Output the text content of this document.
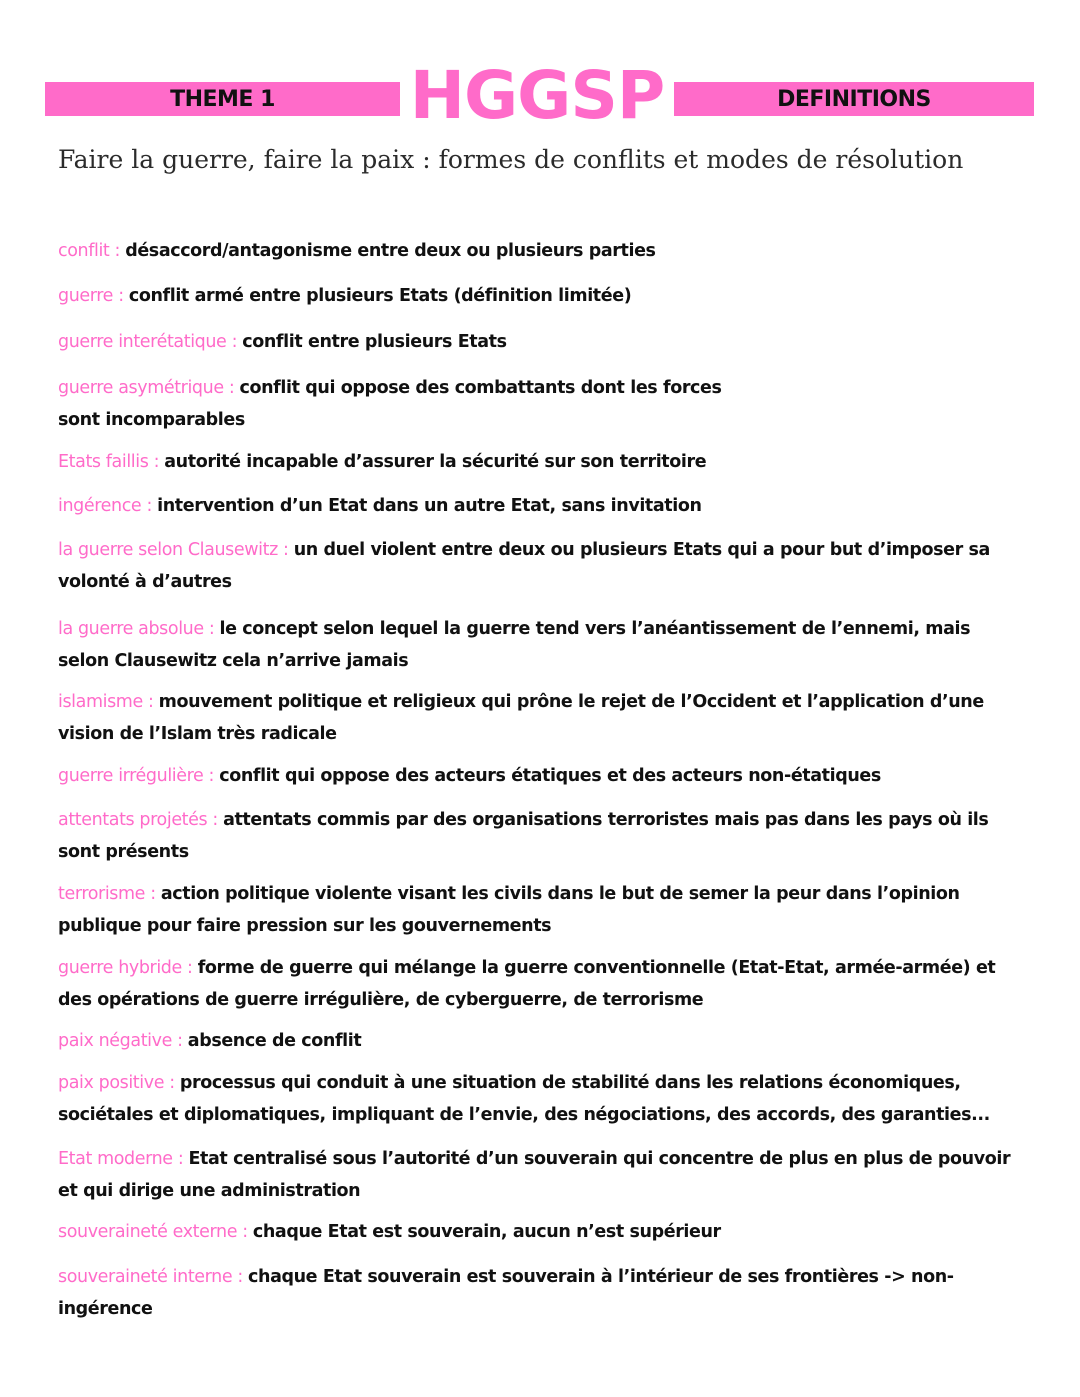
THEME 1 HGGSP	DEFINITIONS
Faire la guerre, faire la paix : formes de conflits et modes de résolution
conflit : désaccord/antagonisme entre deux ou plusieurs parties
guerre : conflit armé entre plusieurs Etats (définition limitée)
guerre interétatique : conflit entre plusieurs Etats
guerre asymétrique : conflit qui oppose des combattants dont les forces sont incomparables
Etats faillis : autorité incapable d’assurer la sécurité sur son territoire
ingérence : intervention d’un Etat dans un autre Etat, sans invitation
la guerre selon Clausewitz : un duel violent entre deux ou plusieurs Etats qui a pour but d’imposer sa volonté à d’autres
la guerre absolue : le concept selon lequel la guerre tend vers l’anéantissement de l’ennemi, mais selon Clausewitz cela n’arrive jamais
islamisme : mouvement politique et religieux qui prône le rejet de l’Occident et l’application d’une vision de l’Islam très radicale
guerre irrégulière : conflit qui oppose des acteurs étatiques et des acteurs non-étatiques
attentats projetés : attentats commis par des organisations terroristes mais pas dans les pays où ils sont présents
terrorisme : action politique violente visant les civils dans le but de semer la peur dans l’opinion publique pour faire pression sur les gouvernements
guerre hybride : forme de guerre qui mélange la guerre conventionnelle (Etat-Etat, armée-armée) et des opérations de guerre irrégulière, de cyberguerre, de terrorisme
paix négative : absence de conflit
paix positive : processus qui conduit à une situation de stabilité dans les relations économiques, sociétales et diplomatiques, impliquant de l’envie, des négociations, des accords, des garanties...
Etat moderne : Etat centralisé sous l’autorité d’un souverain qui concentre de plus en plus de pouvoir et qui dirige une administration
souveraineté externe : chaque Etat est souverain, aucun n’est supérieur
souveraineté interne : chaque Etat souverain est souverain à l’intérieur de ses frontières -> non-ingérence
